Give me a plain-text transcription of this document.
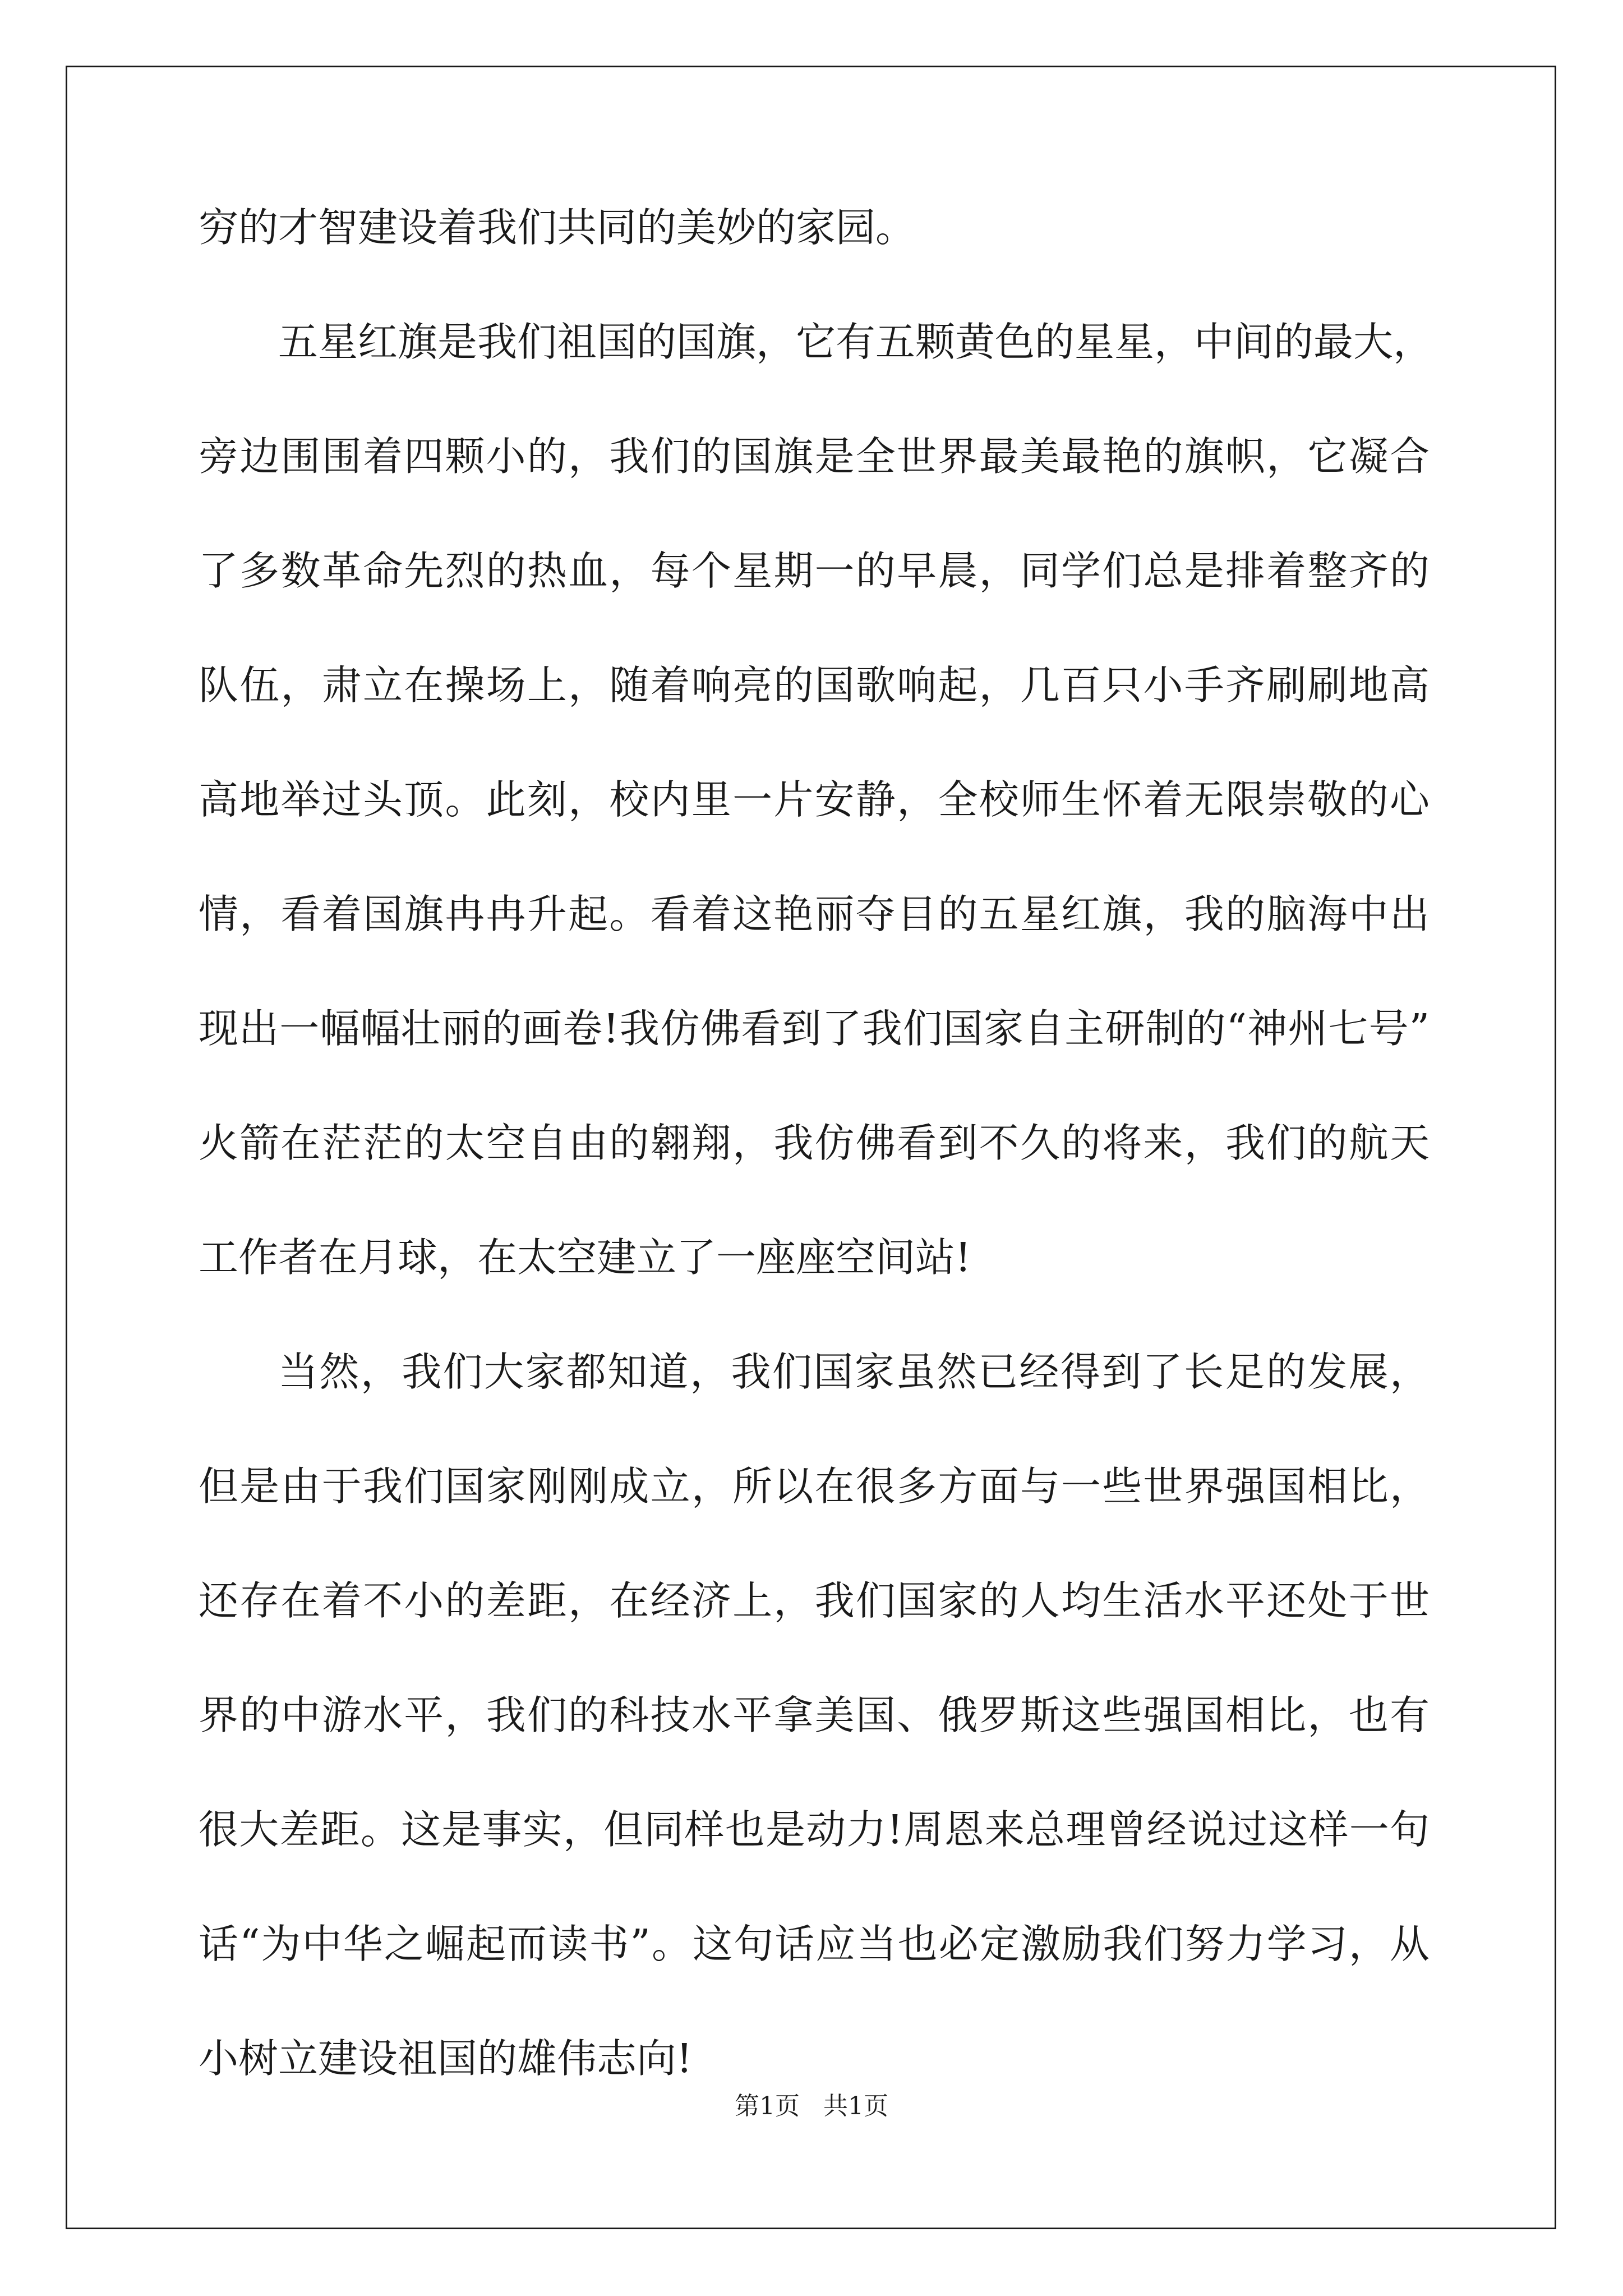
穷的才智建设着我们共同的美妙的家园。
五星红旗是我们祖国的国旗，它有五颗黄色的星星，中间的最大，
旁边围围着四颗小的，我们的国旗是全世界最美最艳的旗帜，它凝合
了多数革命先烈的热血，每个星期一的早晨，同学们总是排着整齐的
队伍，肃立在操场上，随着响亮的国歌响起，几百只小手齐刷刷地高
高地举过头顶。此刻，校内里一片安静，全校师生怀着无限崇敬的心
情，看着国旗冉冉升起。看着这艳丽夺目的五星红旗，我的脑海中出
现出一幅幅壮丽的画卷!我仿佛看到了我们国家自主研制的“神州七号”
火箭在茫茫的太空自由的翱翔，我仿佛看到不久的将来，我们的航天
工作者在月球，在太空建立了一座座空间站!
当然，我们大家都知道，我们国家虽然已经得到了长足的发展，
但是由于我们国家刚刚成立，所以在很多方面与一些世界强国相比，
还存在着不小的差距，在经济上，我们国家的人均生活水平还处于世
界的中游水平，我们的科技水平拿美国、俄罗斯这些强国相比，也有
很大差距。这是事实，但同样也是动力!周恩来总理曾经说过这样一句
话“为中华之崛起而读书”。这句话应当也必定激励我们努力学习，从
小树立建设祖国的雄伟志向!
第1页   共1页
